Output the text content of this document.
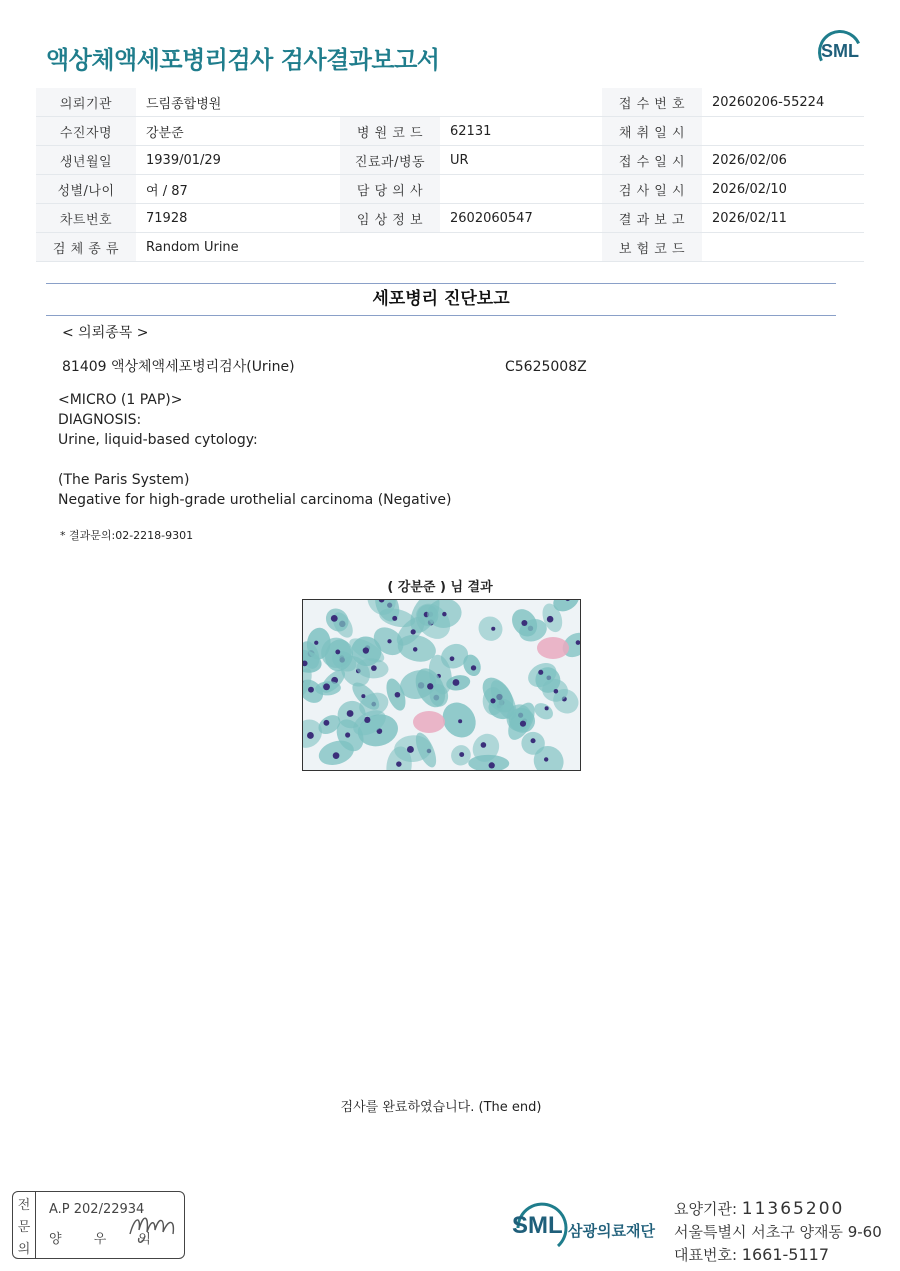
액상체액세포병리검사 검사결과보고서	SML
의뢰기관	드림종합병원			접 수 번 호	20260206-55224
수진자명	강분준	병 원 코 드	62131	채 취 일 시	
생년월일	1939/01/29	진료과/병동	UR	접 수 일 시	2026/02/06
성별/나이	여 / 87	담 당 의 사		검 사 일 시	2026/02/10
차트번호	71928	임 상 정 보	2602060547	결 과 보 고	2026/02/11
검 체 종 류	Random Urine			보 험 코 드	
세포병리 진단보고
< 의뢰종목 >
81409 액상체액세포병리검사(Urine)	C5625008Z
<MICRO (1 PAP)>
DIAGNOSIS:
Urine, liquid-based cytology:
(The Paris System)
Negative for high-grade urothelial carcinoma (Negative)
* 결과문의:02-2218-9301
( 강분준 ) 님 결과
검사를 완료하였습니다. (The end)
전
문
의
A.P 202/22934
양 우 익
SML 삼광의료재단
요양기관: 11365200
서울특별시 서초구 양재동 9-60
대표번호: 1661-5117
